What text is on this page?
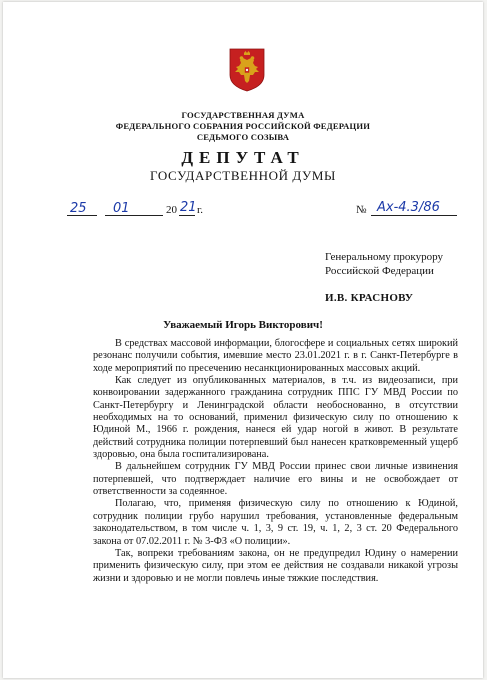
ГОСУДАРСТВЕННАЯ ДУМА
ФЕДЕРАЛЬНОГО СОБРАНИЯ РОССИЙСКОЙ ФЕДЕРАЦИИ
СЕДЬМОГО СОЗЫВА
ДЕПУТАТ
ГОСУДАРСТВЕННОЙ ДУМЫ
25 01	20 21 г.	№ Ах-4.3/86
Генеральному прокурору
Российской Федерации
И.В. КРАСНОВУ
Уважаемый Игорь Викторович!

В средствах массовой информации, блогосфере и социальных сетях широкий резонанс получили события, имевшие место 23.01.2021 г. в г. Санкт-Петербурге в ходе мероприятий по пресечению несанкционированных массовых акций.

Как следует из опубликованных материалов, в т.ч. из видеозаписи, при конвоировании задержанного гражданина сотрудник ППС ГУ МВД России по Санкт-Петербургу и Ленинградской области необоснованно, в отсутствии необходимых на то оснований, применил физическую силу по отношению к Юдиной М., 1966 г. рождения, нанеся ей удар ногой в живот. В результате действий сотрудника полиции потерпевший был нанесен кратковременный ущерб здоровью, она была госпитализирована.

В дальнейшем сотрудник ГУ МВД России принес свои личные извинения потерпевшей, что подтверждает наличие его вины и не освобождает от ответственности за содеянное.

Полагаю, что, применяя физическую силу по отношению к Юдиной, сотрудник полиции грубо нарушил требования, установленные федеральным законодательством, в том числе ч. 1, 3, 9 ст. 19, ч. 1, 2, 3 ст. 20 Федерального закона от 07.02.2011 г. № 3-ФЗ «О полиции».

Так, вопреки требованиям закона, он не предупредил Юдину о намерении применить физическую силу, при этом ее действия не создавали никакой угрозы жизни и здоровью и не могли повлечь иные тяжкие последствия.
